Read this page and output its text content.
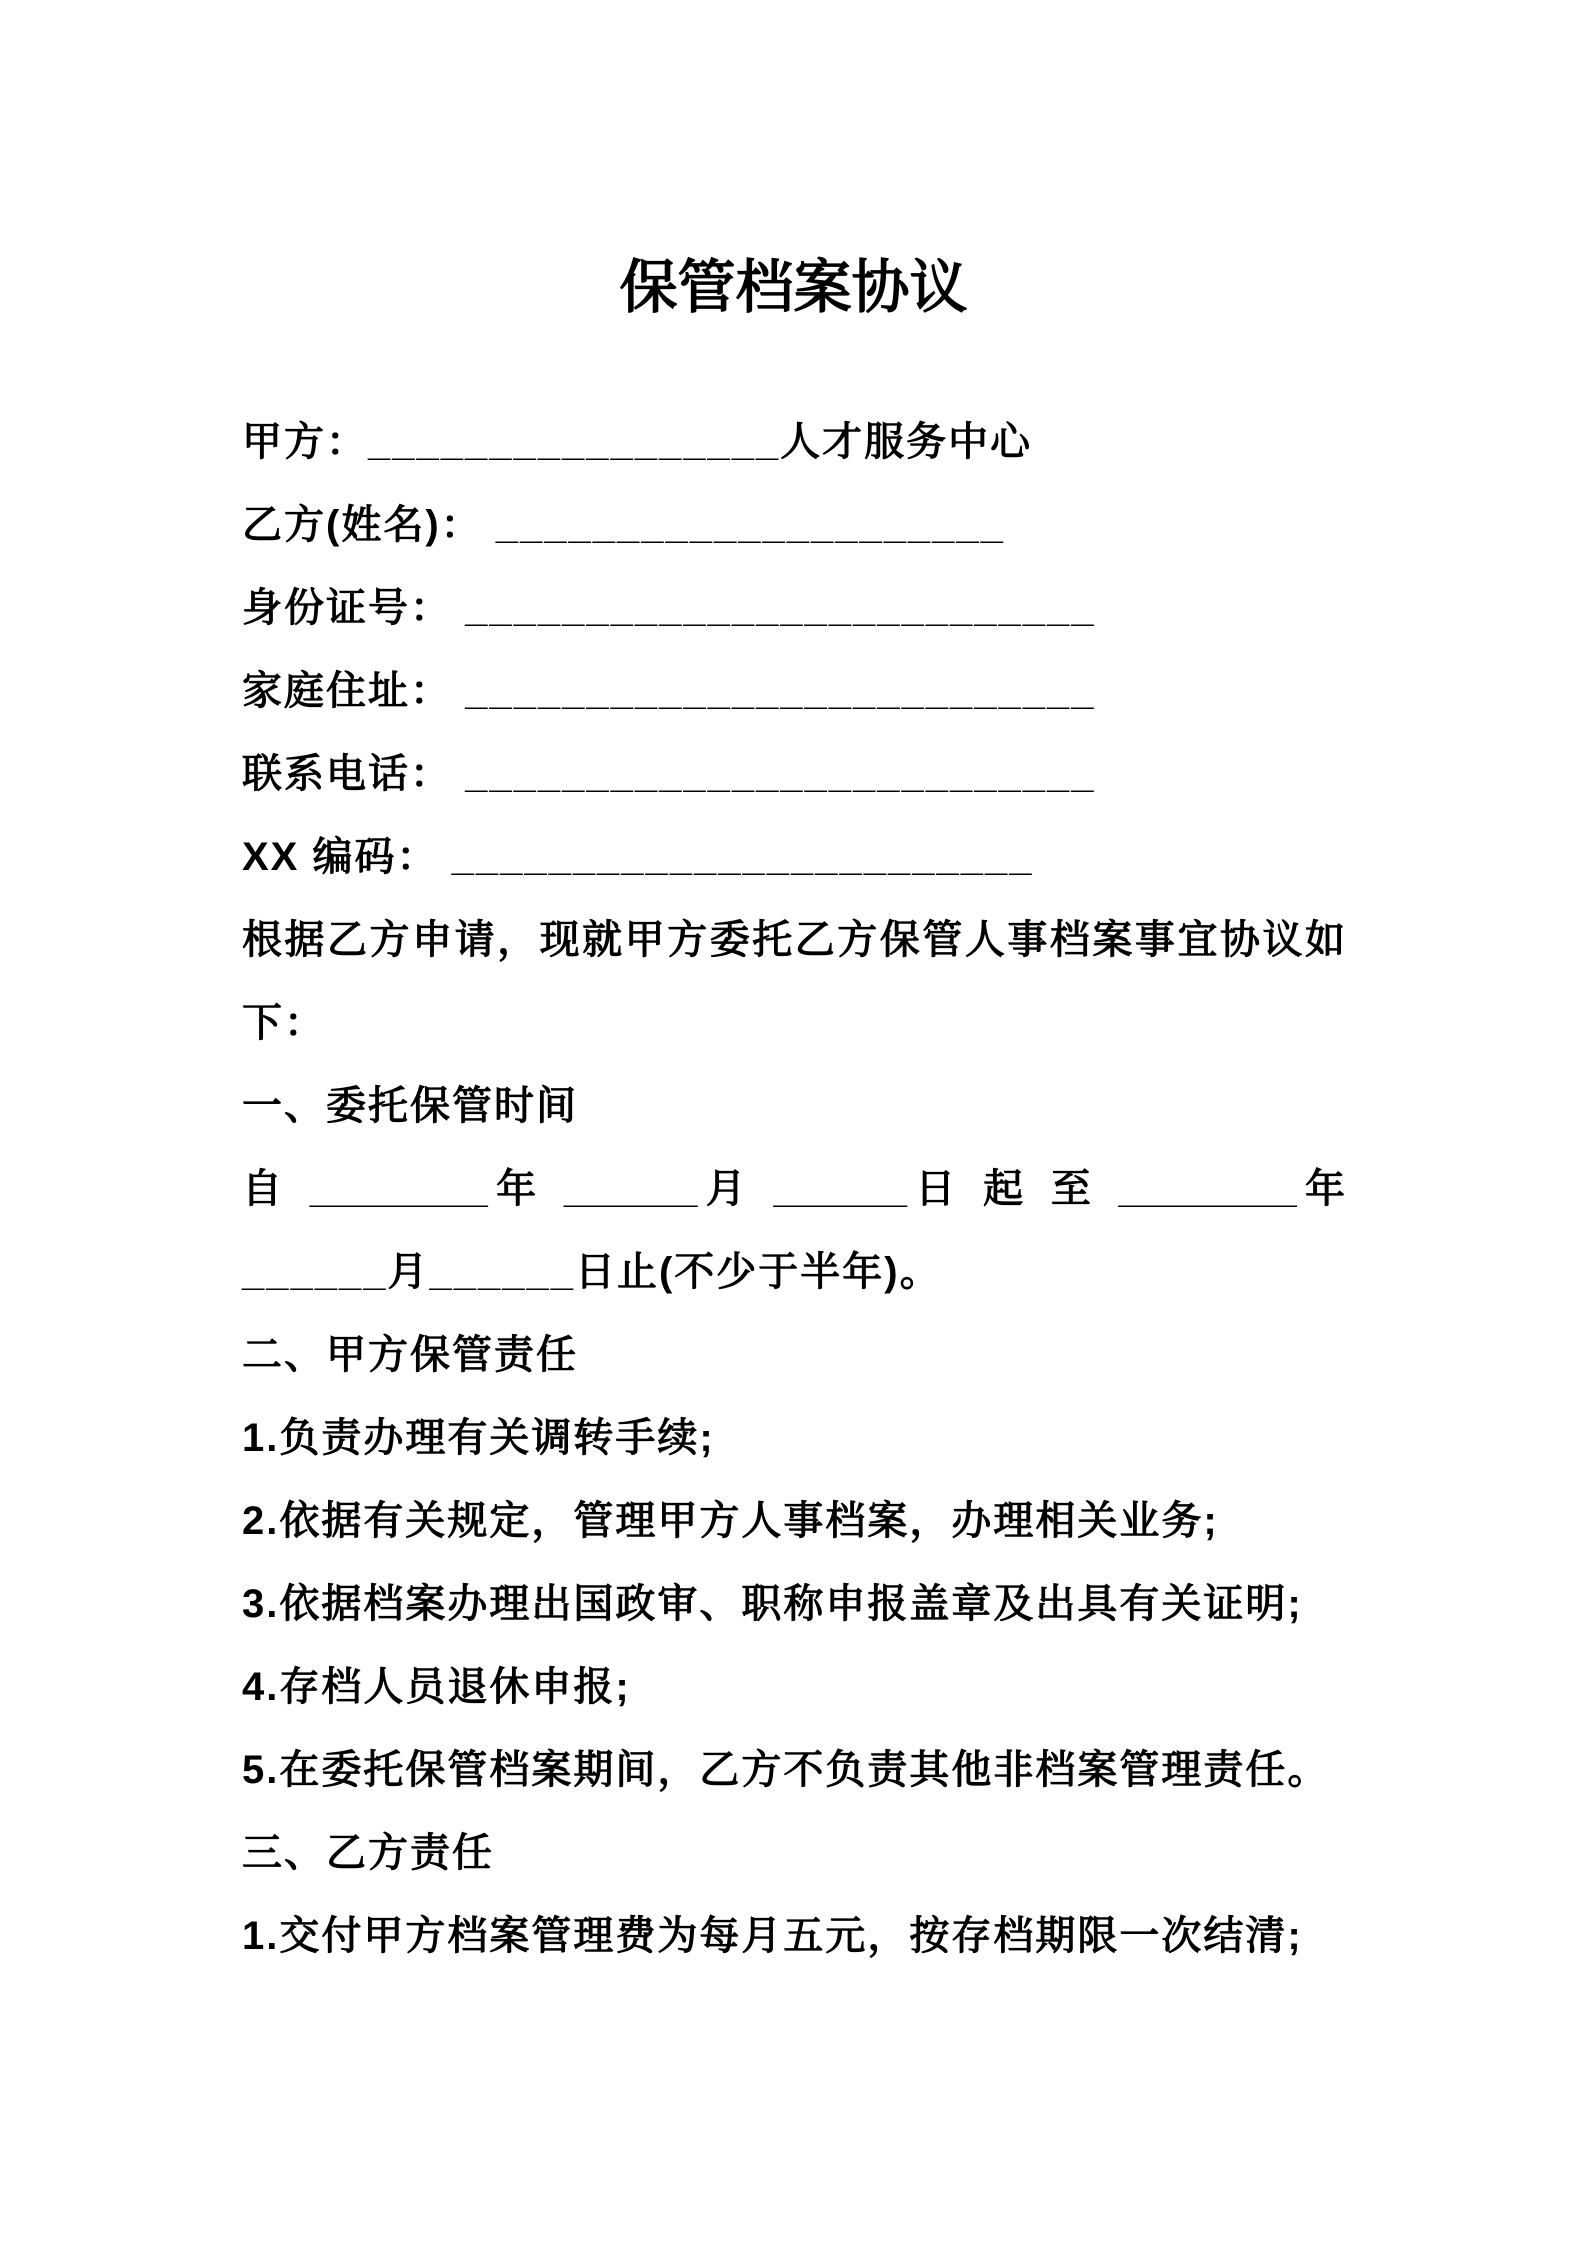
保管档案协议
甲方：_________________人才服务中心
乙方(姓名)： _____________________
身份证号： __________________________
家庭住址： __________________________
联系电话： __________________________
XX 编码： ________________________
根据乙方申请，现就甲方委托乙方保管人事档案事宜协议如
下：
一、委托保管时间
自 ________年 ______月 ______日 起 至 ________年
______月______日止(不少于半年)。
二、甲方保管责任
1.负责办理有关调转手续;
2.依据有关规定，管理甲方人事档案，办理相关业务;
3.依据档案办理出国政审、职称申报盖章及出具有关证明;
4.存档人员退休申报;
5.在委托保管档案期间，乙方不负责其他非档案管理责任。
三、乙方责任
1.交付甲方档案管理费为每月五元，按存档期限一次结清;
